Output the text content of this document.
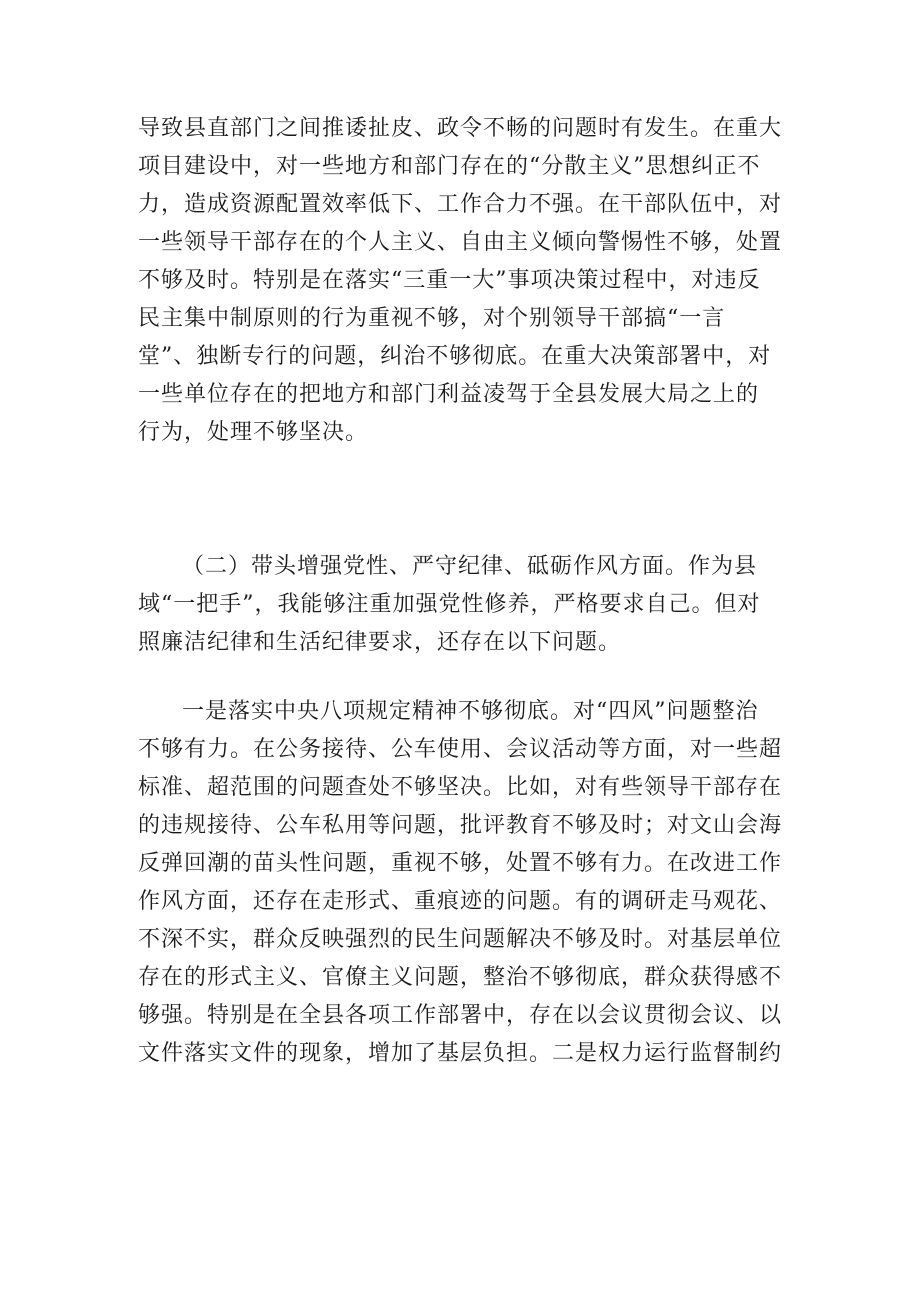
导致县直部门之间推诿扯皮、政令不畅的问题时有发生。在重大
项目建设中，对一些地方和部门存在的“分散主义”思想纠正不
力，造成资源配置效率低下、工作合力不强。在干部队伍中，对
一些领导干部存在的个人主义、自由主义倾向警惕性不够，处置
不够及时。特别是在落实“三重一大”事项决策过程中，对违反
民主集中制原则的行为重视不够，对个别领导干部搞“一言
堂”、独断专行的问题，纠治不够彻底。在重大决策部署中，对
一些单位存在的把地方和部门利益凌驾于全县发展大局之上的
行为，处理不够坚决。
（二）带头增强党性、严守纪律、砥砺作风方面。作为县
域“一把手”，我能够注重加强党性修养，严格要求自己。但对
照廉洁纪律和生活纪律要求，还存在以下问题。
一是落实中央八项规定精神不够彻底。对“四风”问题整治
不够有力。在公务接待、公车使用、会议活动等方面，对一些超
标准、超范围的问题查处不够坚决。比如，对有些领导干部存在
的违规接待、公车私用等问题，批评教育不够及时；对文山会海
反弹回潮的苗头性问题，重视不够，处置不够有力。在改进工作
作风方面，还存在走形式、重痕迹的问题。有的调研走马观花、
不深不实，群众反映强烈的民生问题解决不够及时。对基层单位
存在的形式主义、官僚主义问题，整治不够彻底，群众获得感不
够强。特别是在全县各项工作部署中，存在以会议贯彻会议、以
文件落实文件的现象，增加了基层负担。二是权力运行监督制约
